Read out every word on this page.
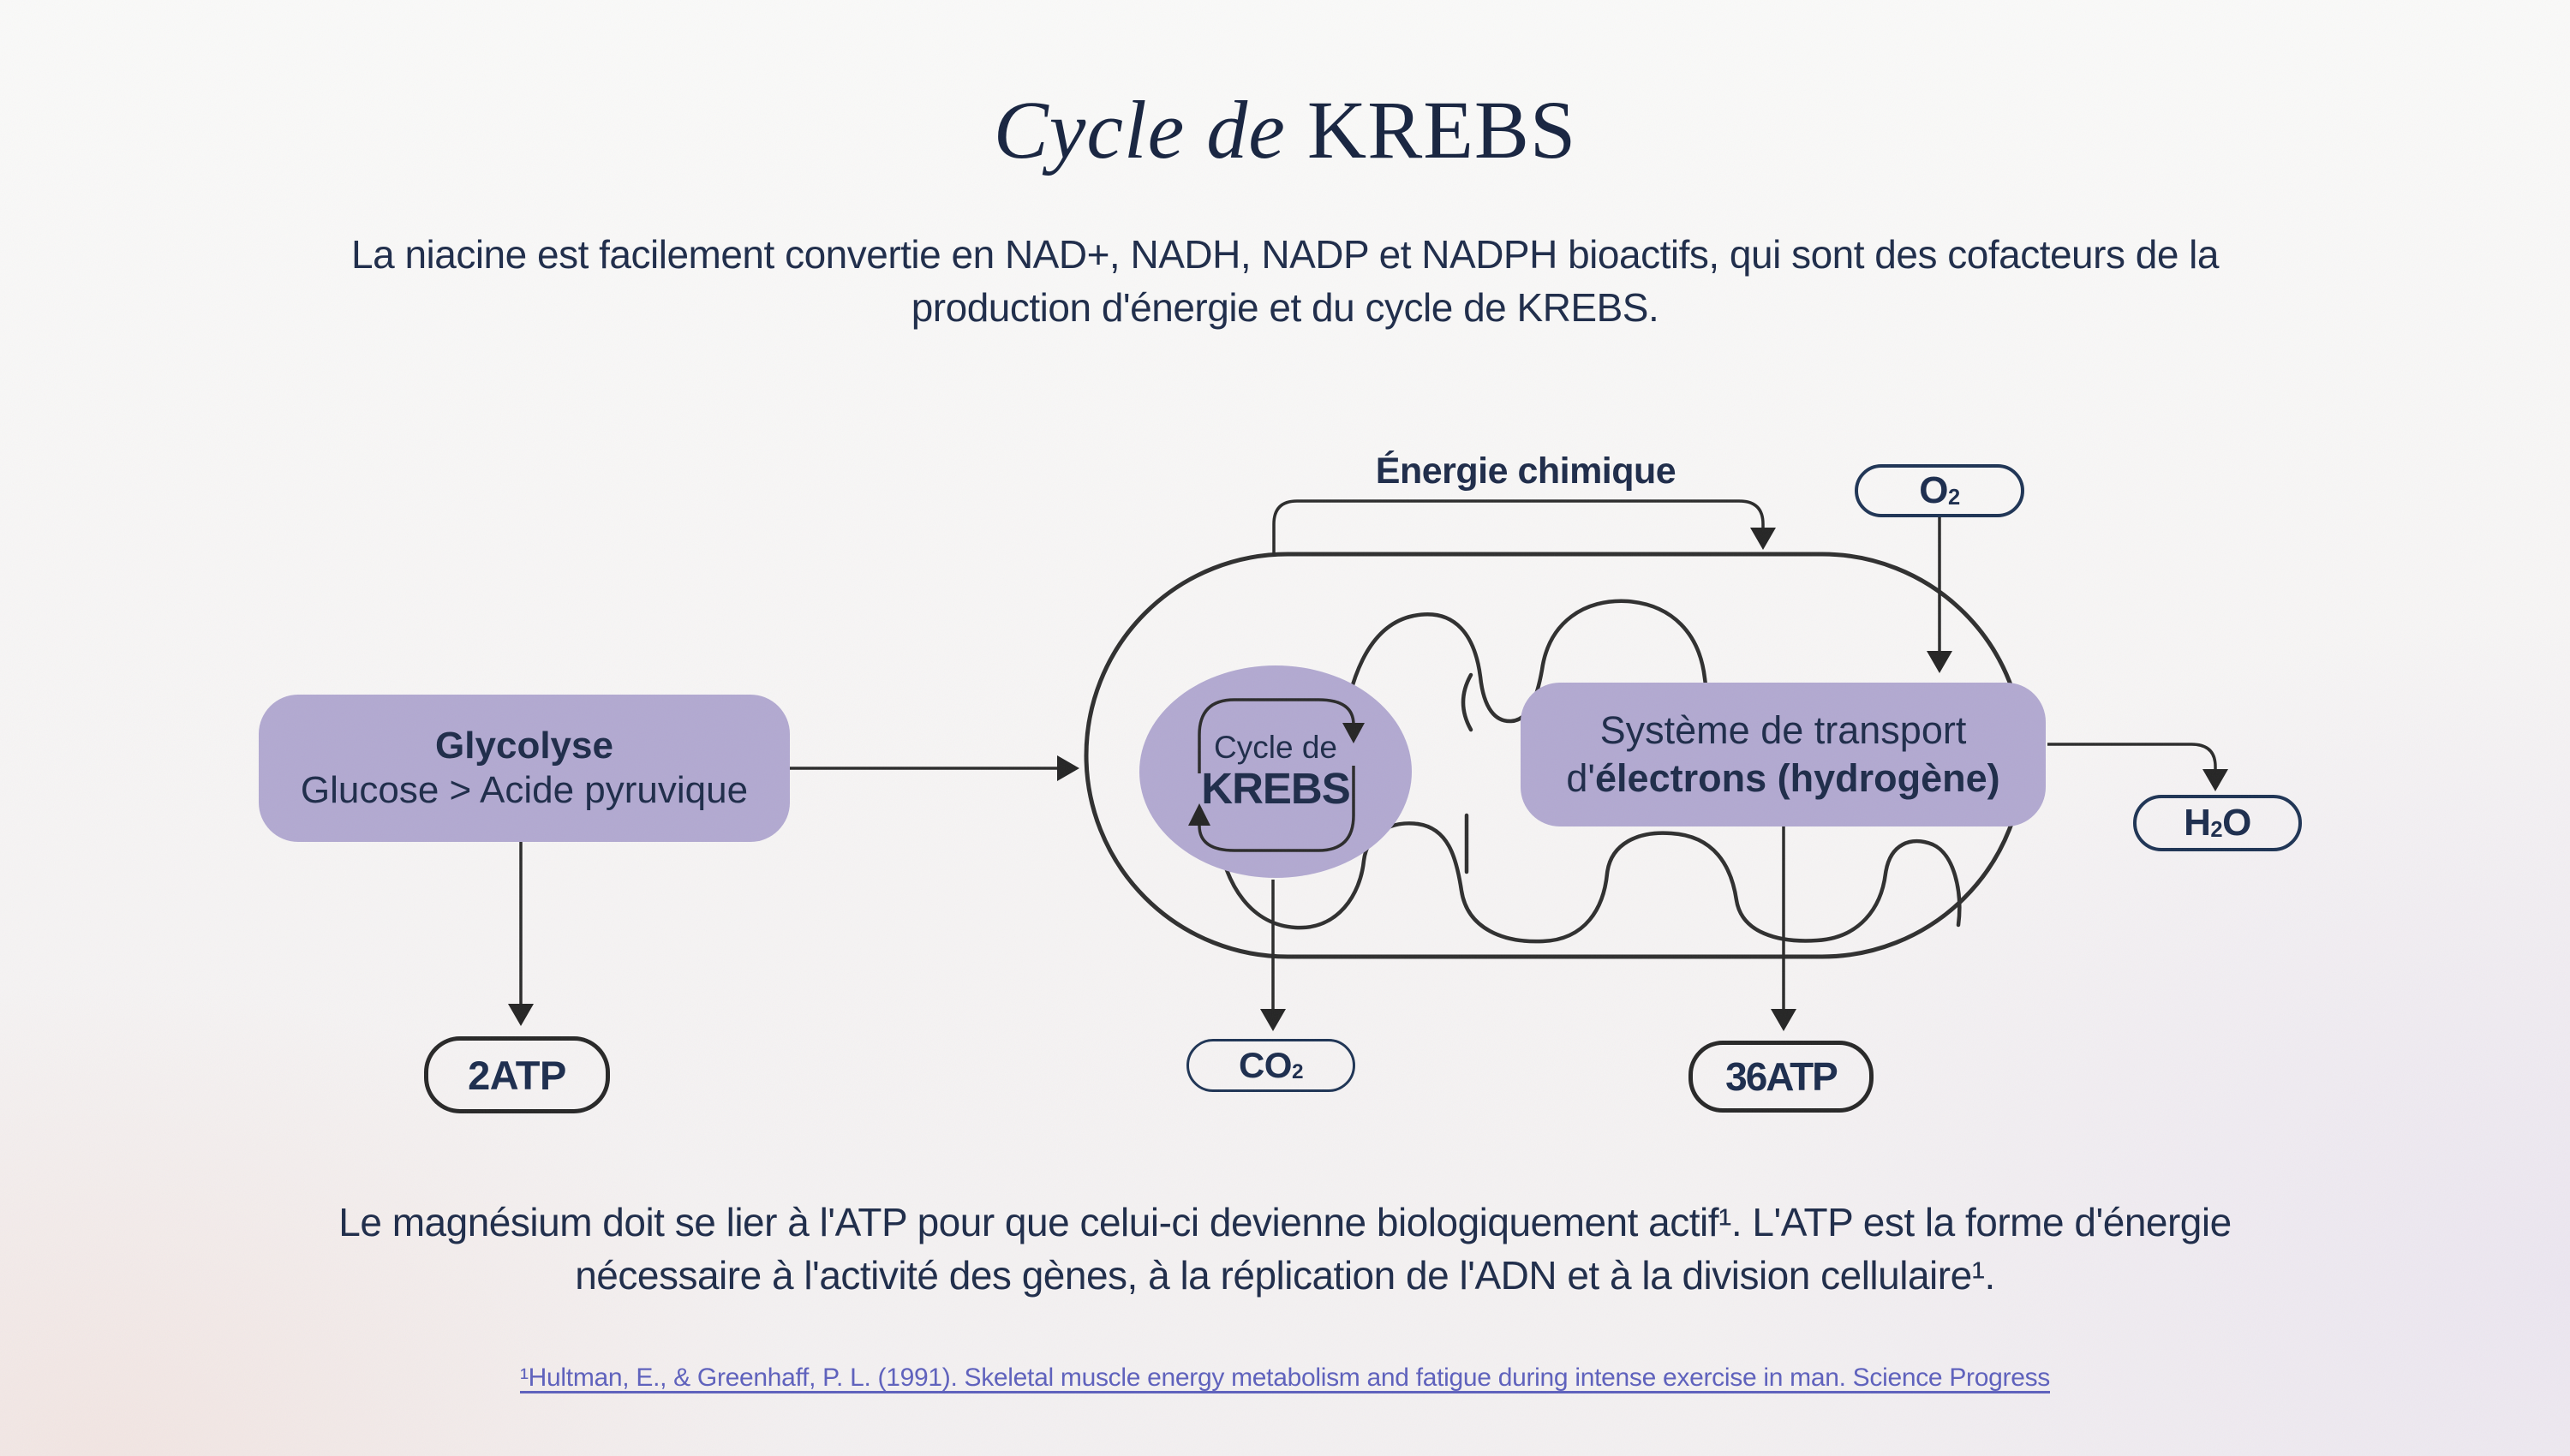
Glycolyse
Glucose > Acide pyruvique
Système de transport
d'électrons (hydrogène)
Cycle de KREBS
La niacine est facilement convertie en NAD+, NADH, NADP et NADPH bioactifs, qui sont des cofacteurs de la
production d'énergie et du cycle de KREBS.
Énergie chimique
Cycle de
KREBS
O 2
H 2 O
CO 2
2ATP	36ATP
Le magnésium doit se lier à l'ATP pour que celui-ci devienne biologiquement actif¹. L'ATP est la forme d'énergie
nécessaire à l'activité des gènes, à la réplication de l'ADN et à la division cellulaire¹.
¹Hultman, E., & Greenhaff, P. L. (1991). Skeletal muscle energy metabolism and fatigue during intense exercise in man. Science Progress
